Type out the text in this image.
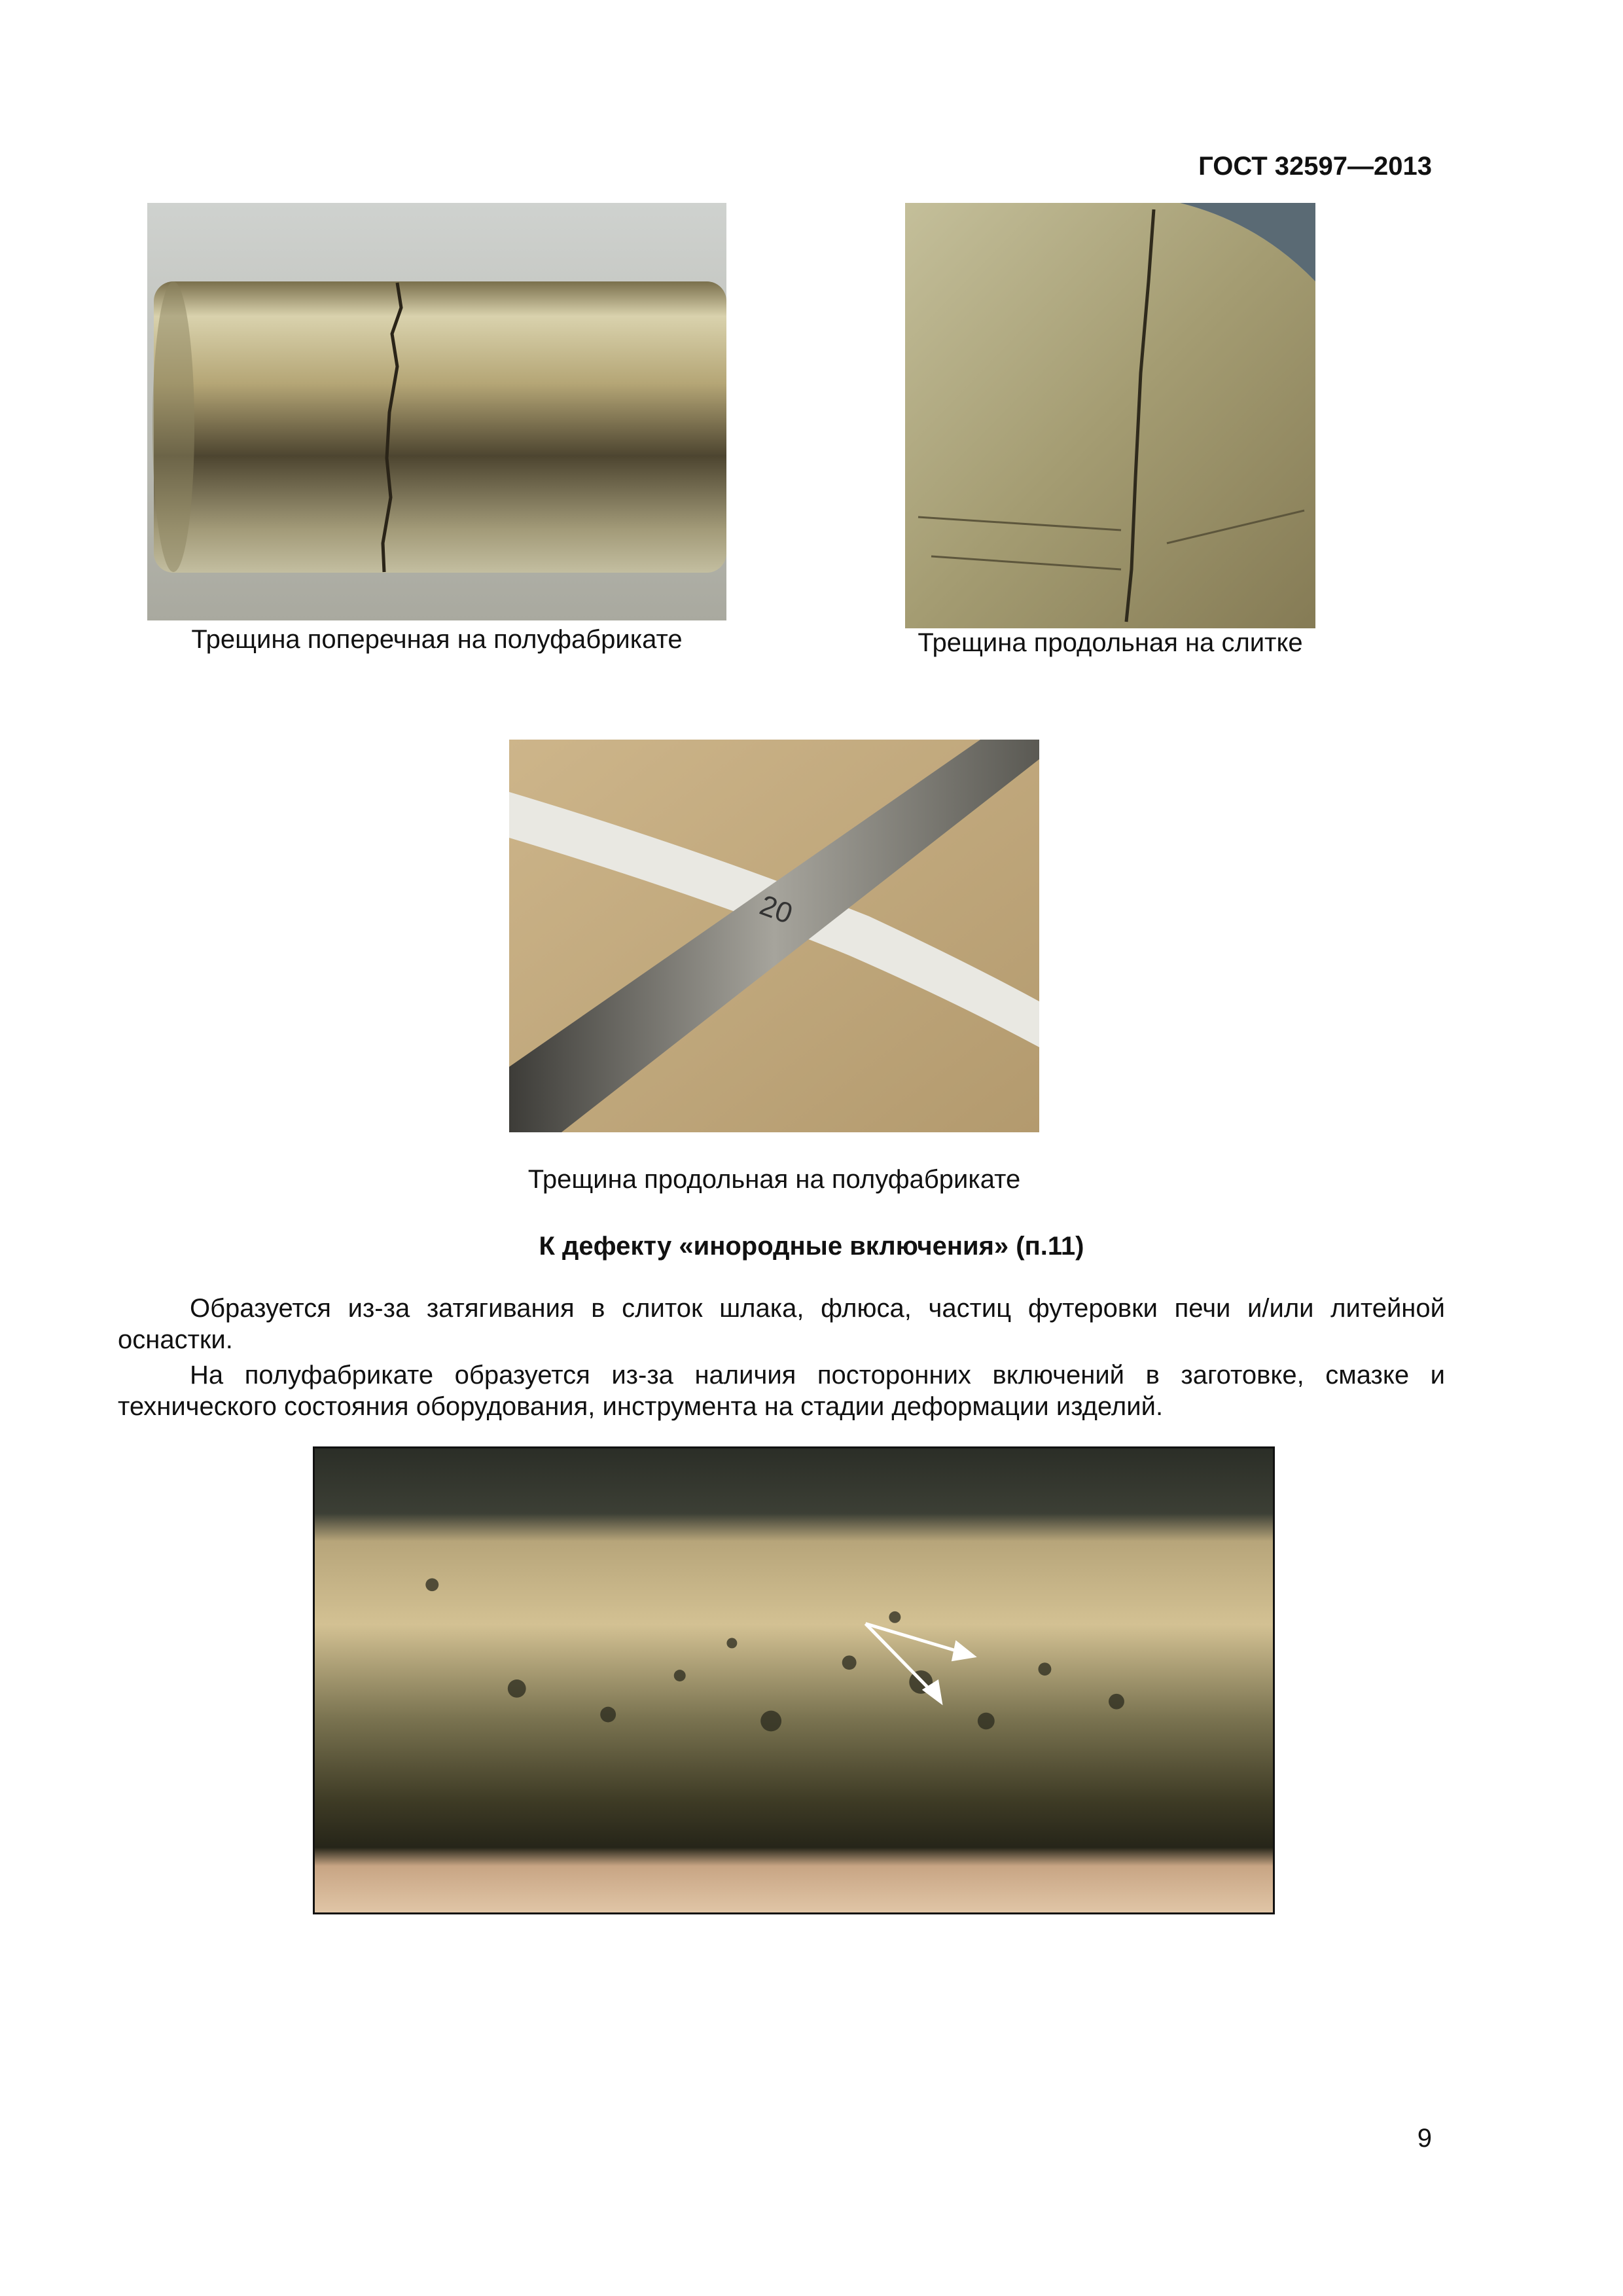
ГОСТ 32597—2013
Трещина поперечная на полуфабрикате	Трещина продольная на слитке
20
Трещина продольная на полуфабрикате
К дефекту «инородные включения» (п.11)
Образуется из-за затягивания в слиток шлака, флюса, частиц футеровки печи и/или литейной оснастки.
На полуфабрикате образуется из-за наличия посторонних включений в заготовке, смазке и технического состояния оборудования, инструмента на стадии деформации изделий.
9
